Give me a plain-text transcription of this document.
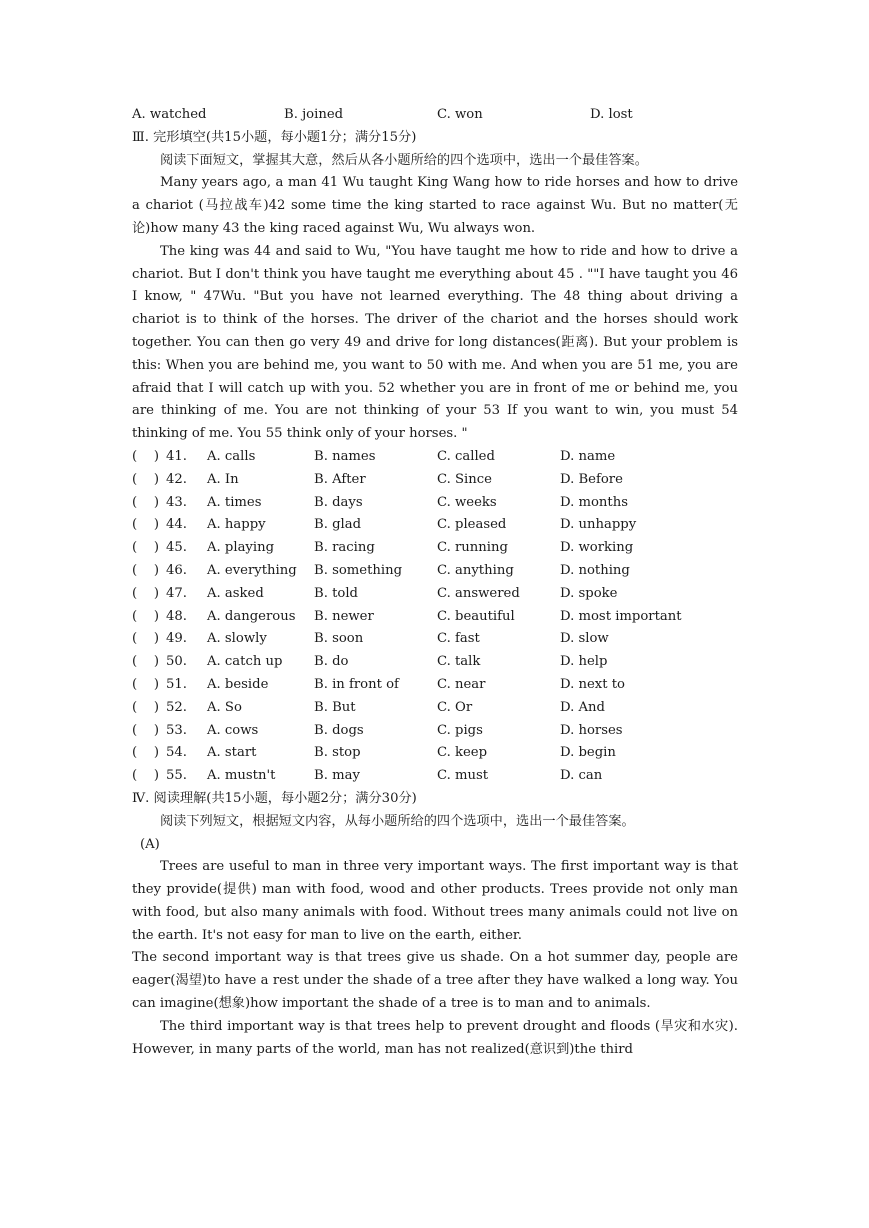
A. watched	B. joined	C. won	D. lost
Ⅲ. 完形填空(共15小题，每小题1分；满分15分)
阅读下面短文，掌握其大意，然后从各小题所给的四个选项中，选出一个最佳答案。

Many years ago, a man 41 Wu taught King Wang how to ride horses and how to drive a chariot (马拉战车)42 some time the king started to race against Wu. But no matter(无论)how many 43 the king raced against Wu, Wu always won.

The king was 44 and said to Wu, "You have taught me how to ride and how to drive a chariot. But I don't think you have taught me everything about 45 . ""I have taught you 46 I know, " 47Wu. "But you have not learned everything. The 48 thing about driving a chariot is to think of the horses. The driver of the chariot and the horses should work together. You can then go very 49 and drive for long distances(距离). But your problem is this: When you are behind me, you want to 50 with me. And when you are 51 me, you are afraid that I will catch up with you. 52 whether you are in front of me or behind me, you are thinking of me. You are not thinking of your 53 If you want to win, you must 54 thinking of me. You 55 think only of your horses. "

(    ) 41. A. calls	B. names	C. called	D. name
(    ) 42. A. In	B. After	C. Since	D. Before
(    ) 43. A. times	B. days	C. weeks	D. months
(    ) 44. A. happy	B. glad	C. pleased	D. unhappy
(    ) 45. A. playing	B. racing	C. running	D. working
(    ) 46. A. everything B. something	C. anything	D. nothing
(    ) 47. A. asked	B. told	C. answered	D. spoke
(    ) 48. A. dangerous B. newer	C. beautiful	D. most important
(    ) 49. A. slowly	B. soon	C. fast	D. slow
(    ) 50. A. catch up B. do	C. talk	D. help
(    ) 51. A. beside	B. in front of	C. near	D. next to
(    ) 52. A. So	B. But	C. Or	D. And
(    ) 53. A. cows	B. dogs	C. pigs	D. horses
(    ) 54. A. start	B. stop	C. keep	D. begin
(    ) 55. A. mustn't	B. may	C. must	D. can
Ⅳ. 阅读理解(共15小题，每小题2分；满分30分)
阅读下列短文，根据短文内容，从每小题所给的四个选项中，选出一个最佳答案。
(A)

Trees are useful to man in three very important ways. The first important way is that they provide(提供) man with food, wood and other products. Trees provide not only man with food, but also many animals with food. Without trees many animals could not live on the earth. It's not easy for man to live on the earth, either.

The second important way is that trees give us shade. On a hot summer day, people are eager(渴望)to have a rest under the shade of a tree after they have walked a long way. You can imagine(想象)how important the shade of a tree is to man and to animals.

The third important way is that trees help to prevent drought and floods (旱灾和水灾). However, in many parts of the world, man has not realized(意识到)the third
